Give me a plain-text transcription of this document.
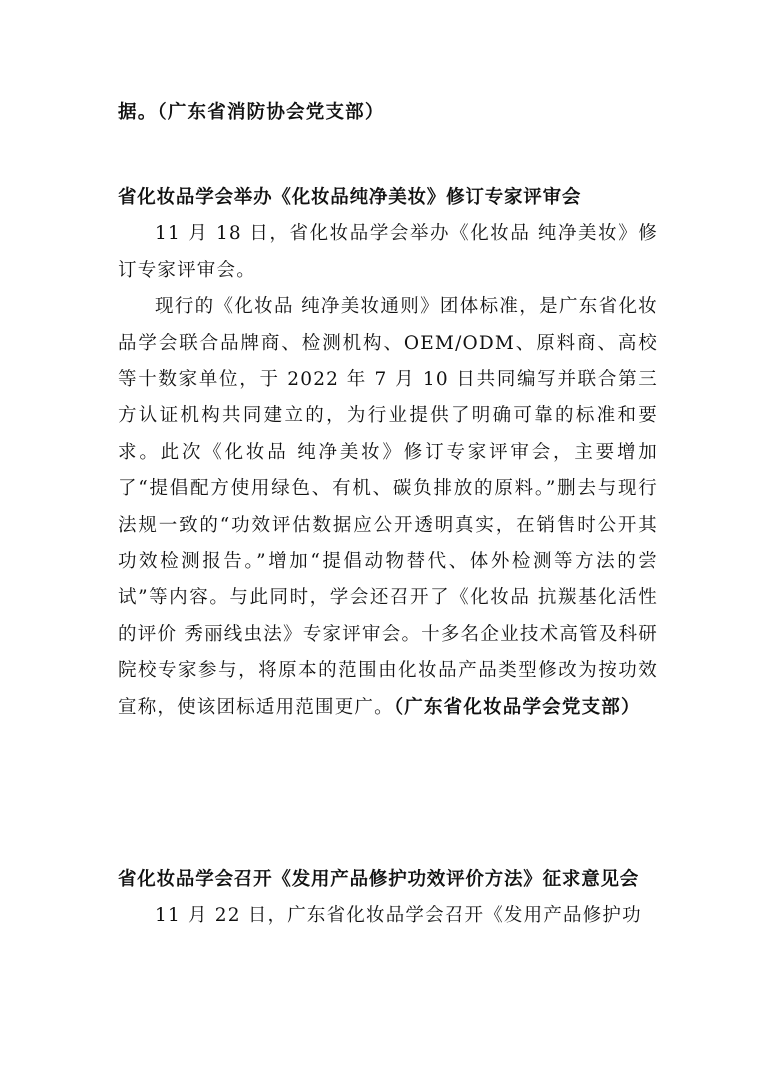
据。（广东省消防协会党支部）

省化妆品学会举办《化妆品纯净美妆》修订专家评审会

11 月 18 日，省化妆品学会举办《化妆品 纯净美妆》修订专家评审会。

现行的《化妆品 纯净美妆通则》团体标准，是广东省化妆品学会联合品牌商、检测机构、OEM/ODM、原料商、高校等十数家单位，于 2022 年 7 月 10 日共同编写并联合第三方认证机构共同建立的，为行业提供了明确可靠的标准和要求。此次《化妆品 纯净美妆》修订专家评审会，主要增加了“提倡配方使用绿色、有机、碳负排放的原料。”删去与现行法规一致的“功效评估数据应公开透明真实，在销售时公开其功效检测报告。”增加“提倡动物替代、体外检测等方法的尝试”等内容。与此同时，学会还召开了《化妆品 抗羰基化活性的评价 秀丽线虫法》专家评审会。十多名企业技术高管及科研院校专家参与，将原本的范围由化妆品产品类型修改为按功效宣称，使该团标适用范围更广。（广东省化妆品学会党支部）

省化妆品学会召开《发用产品修护功效评价方法》征求意见会

11 月 22 日，广东省化妆品学会召开《发用产品修护功
